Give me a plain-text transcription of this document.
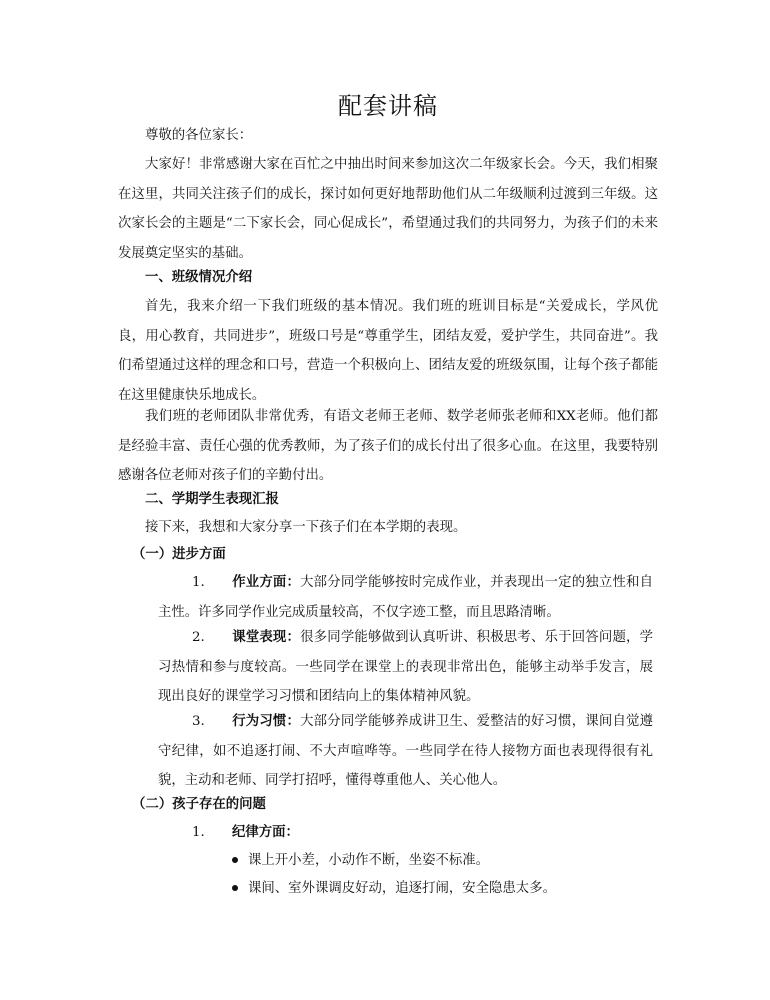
配套讲稿

尊敬的各位家长：

大家好！非常感谢大家在百忙之中抽出时间来参加这次二年级家长会。今天，我们相聚在这里，共同关注孩子们的成长，探讨如何更好地帮助他们从二年级顺利过渡到三年级。这次家长会的主题是“二下家长会，同心促成长”，希望通过我们的共同努力，为孩子们的未来发展奠定坚实的基础。

一、班级情况介绍

首先，我来介绍一下我们班级的基本情况。我们班的班训目标是“关爱成长，学风优良，用心教育，共同进步”，班级口号是“尊重学生，团结友爱，爱护学生，共同奋进”。我们希望通过这样的理念和口号，营造一个积极向上、团结友爱的班级氛围，让每个孩子都能在这里健康快乐地成长。

我们班的老师团队非常优秀，有语文老师王老师、数学老师张老师和XX老师。他们都是经验丰富、责任心强的优秀教师，为了孩子们的成长付出了很多心血。在这里，我要特别感谢各位老师对孩子们的辛勤付出。

二、学期学生表现汇报

接下来，我想和大家分享一下孩子们在本学期的表现。

（一）进步方面

1. 作业方面：大部分同学能够按时完成作业，并表现出一定的独立性和自主性。许多同学作业完成质量较高，不仅字迹工整，而且思路清晰。

2. 课堂表现：很多同学能够做到认真听讲、积极思考、乐于回答问题，学习热情和参与度较高。一些同学在课堂上的表现非常出色，能够主动举手发言，展现出良好的课堂学习习惯和团结向上的集体精神风貌。

3. 行为习惯：大部分同学能够养成讲卫生、爱整洁的好习惯，课间自觉遵守纪律，如不追逐打闹、不大声喧哗等。一些同学在待人接物方面也表现得很有礼貌，主动和老师、同学打招呼，懂得尊重他人、关心他人。

（二）孩子存在的问题

1. 纪律方面：

课上开小差，小动作不断，坐姿不标准。

课间、室外课调皮好动，追逐打闹，安全隐患太多。
